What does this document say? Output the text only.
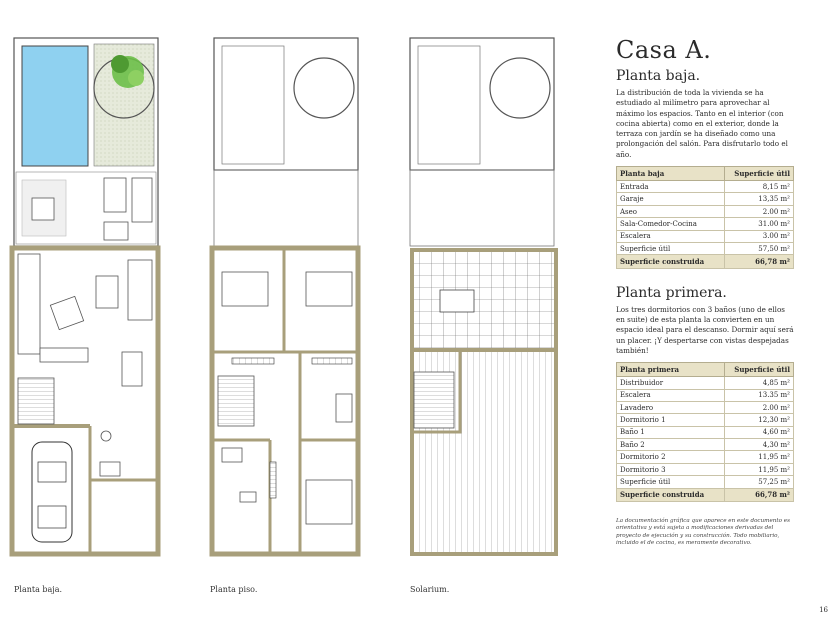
Planta baja.	Planta piso.	Solarium.
Casa A.
Planta baja.

La distribución de toda la vivienda se ha estudiado al milímetro para aprovechar al máximo los espacios. Tanto en el interior (con cocina abierta) como en el exterior, donde la terraza con jardín se ha diseñado como una prolongación del salón. Para disfrutarlo todo el año.

Planta baja	Superficie útil
Entrada	8,15 m²
Garaje	13,35 m²
Aseo	2.00 m²
Sala-Comedor-Cocina	31.00 m²
Escalera	3.00 m²
Superficie útil	57,50 m²
Superficie construida	66,78 m²
Planta primera.

Los tres dormitorios con 3 baños (uno de ellos en suite) de esta planta la convierten en un espacio ideal para el descanso. Dormir aquí será un placer. ¡Y despertarse con vistas despejadas también!

Planta primera	Superficie útil
Distribuidor	4,85 m²
Escalera	13.35 m²
Lavadero	2.00 m²
Dormitorio 1	12,30 m²
Baño 1	4,60 m²
Baño 2	4,30 m²
Dormitorio 2	11,95 m²
Dormitorio 3	11,95 m²
Superficie útil	57,25 m²
Superficie construida	66,78 m²
La documentación gráfica que aparece en este documento es orientativa y está sujeta a modificaciones derivadas del proyecto de ejecución y su construcción. Todo mobiliario, incluido el de cocina, es meramente decorativo.
16
